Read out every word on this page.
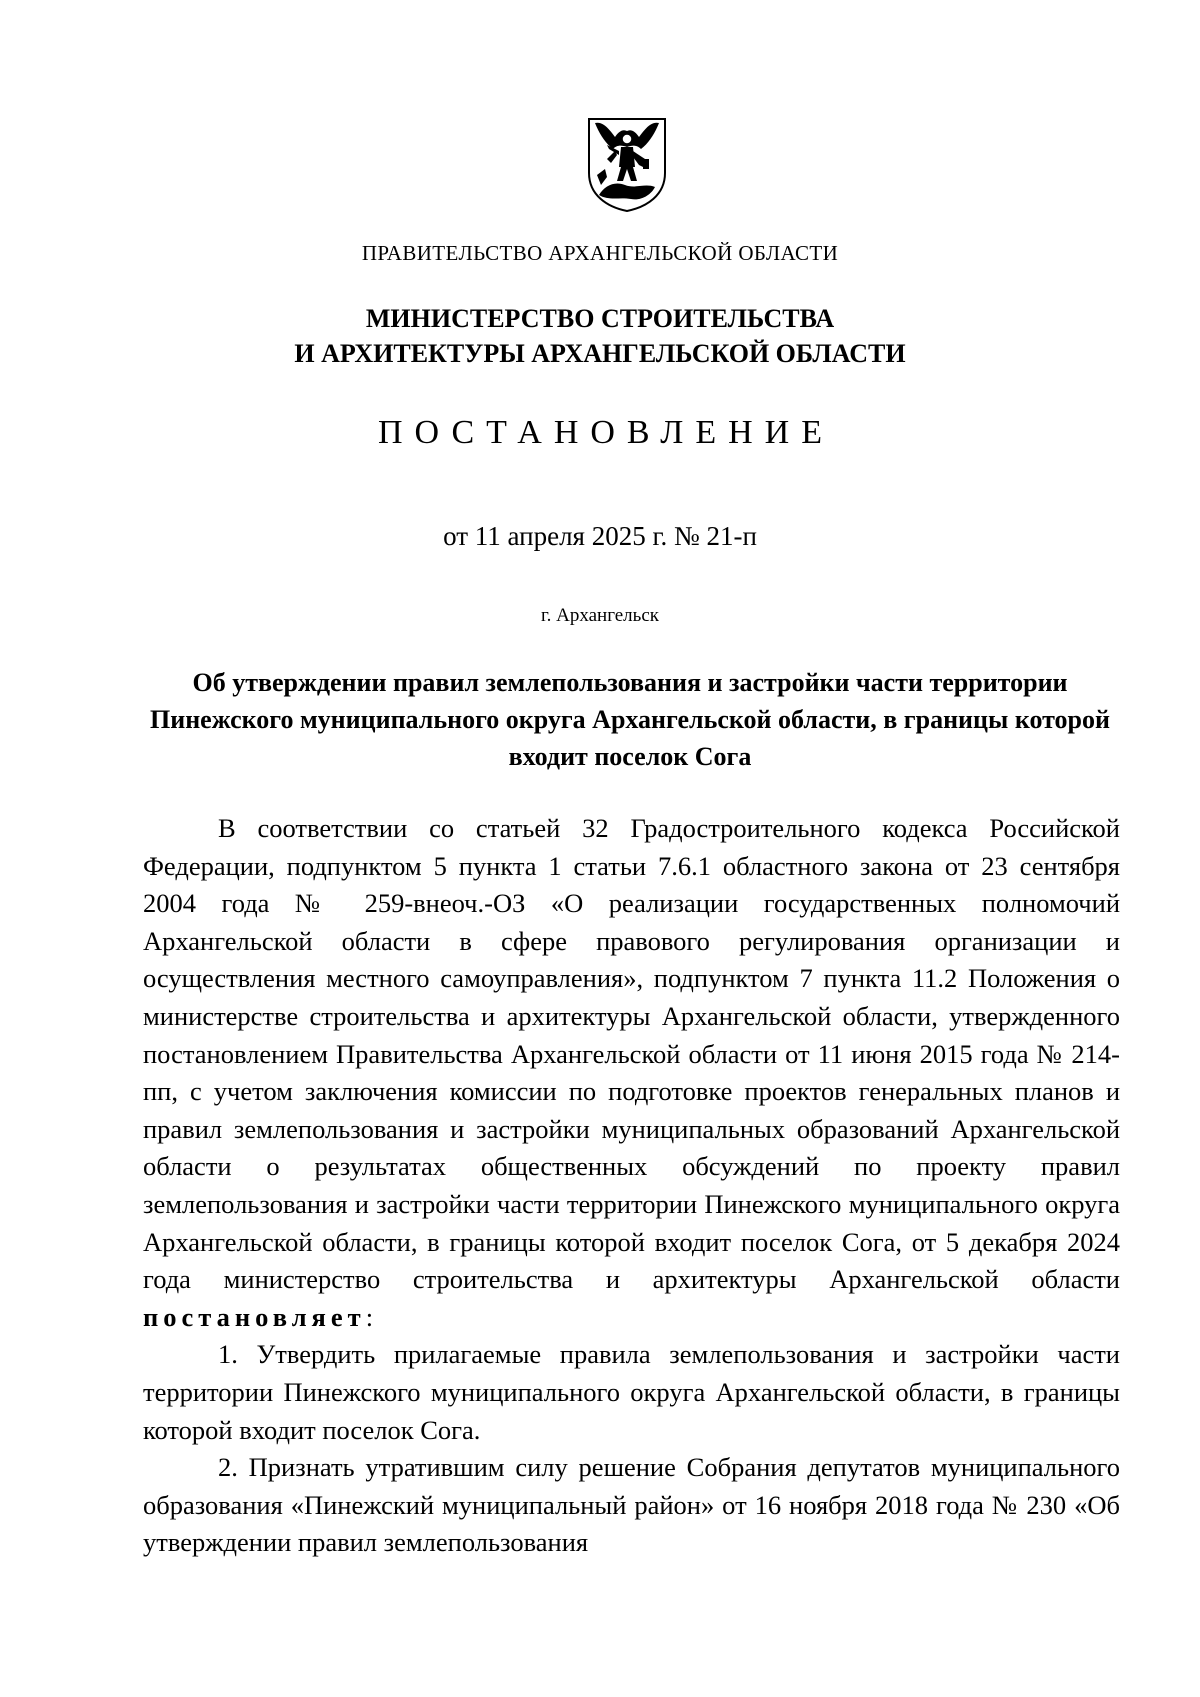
ПРАВИТЕЛЬСТВО АРХАНГЕЛЬСКОЙ ОБЛАСТИ

МИНИСТЕРСТВО СТРОИТЕЛЬСТВА
И АРХИТЕКТУРЫ АРХАНГЕЛЬСКОЙ ОБЛАСТИ

ПОСТАНОВЛЕНИЕ

от 11 апреля 2025 г. № 21-п

г. Архангельск

Об утверждении правил землепользования и застройки части территории Пинежского муниципального округа Архангельской области, в границы которой входит поселок Сога

В соответствии со статьей 32 Градостроительного кодекса Российской Федерации, подпунктом 5 пункта 1 статьи 7.6.1 областного закона от 23 сентября 2004 года № 259-внеоч.-ОЗ «О реализации государственных полномочий Архангельской области в сфере правового регулирования организации и осуществления местного самоуправления», подпунктом 7 пункта 11.2 Положения о министерстве строительства и архитектуры Архангельской области, утвержденного постановлением Правительства Архангельской области от 11 июня 2015 года № 214-пп, с учетом заключения комиссии по подготовке проектов генеральных планов и правил землепользования и застройки муниципальных образований Архангельской области о результатах общественных обсуждений по проекту правил землепользования и застройки части территории Пинежского муниципального округа Архангельской области, в границы которой входит поселок Сога, от 5 декабря 2024 года министерство строительства и архитектуры Архангельской области постановляет:

1. Утвердить прилагаемые правила землепользования и застройки части территории Пинежского муниципального округа Архангельской области, в границы которой входит поселок Сога.

2. Признать утратившим силу решение Собрания депутатов муниципального образования «Пинежский муниципальный район» от 16 ноября 2018 года № 230 «Об утверждении правил землепользования
